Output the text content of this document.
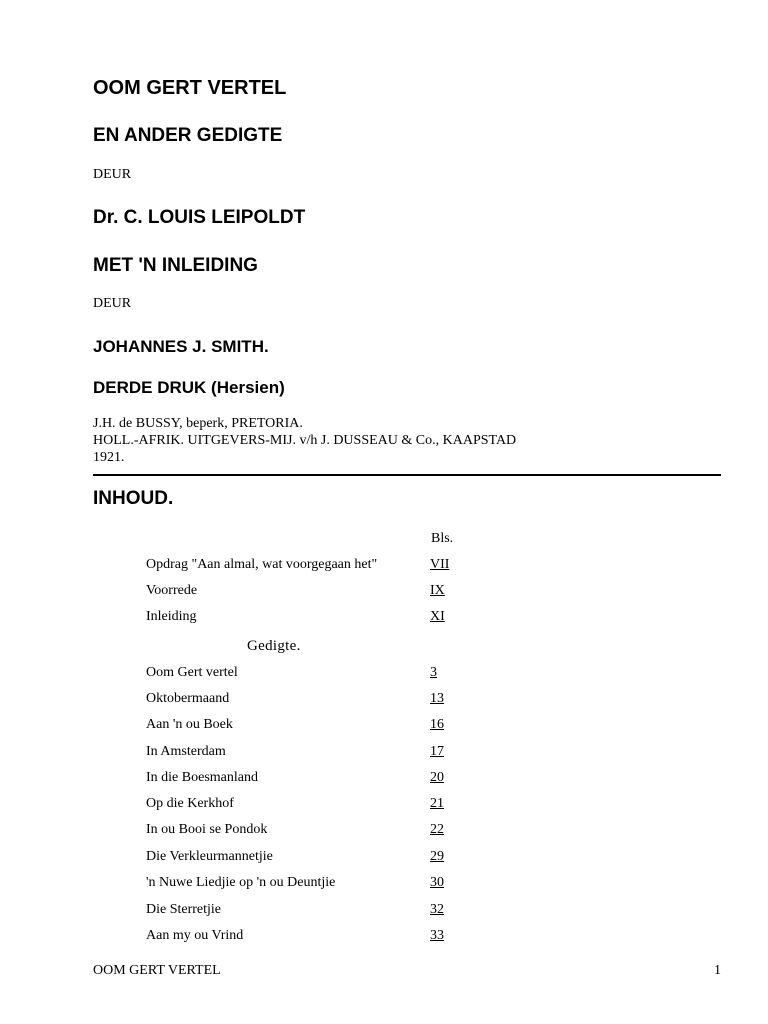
OOM GERT VERTEL
EN ANDER GEDIGTE

DEUR

Dr. C. LOUIS LEIPOLDT
MET 'N INLEIDING

DEUR

JOHANNES J. SMITH.
DERDE DRUK (Hersien)

J.H. de BUSSY, beperk, PRETORIA.

HOLL.-AFRIK. UITGEVERS-MIJ. v/h J. DUSSEAU & Co., KAAPSTAD

1921.

INHOUD.
Bls.
Opdrag "Aan almal, wat voorgegaan het"	VII
Voorrede	IX
Inleiding	XI
Gedigte.
Oom Gert vertel	3
Oktobermaand	13
Aan 'n ou Boek	16
In Amsterdam	17
In die Boesmanland	20
Op die Kerkhof	21
In ou Booi se Pondok	22
Die Verkleurmannetjie	29
'n Nuwe Liedjie op 'n ou Deuntjie	30
Die Sterretjie	32
Aan my ou Vrind	33
OOM GERT VERTEL	1
